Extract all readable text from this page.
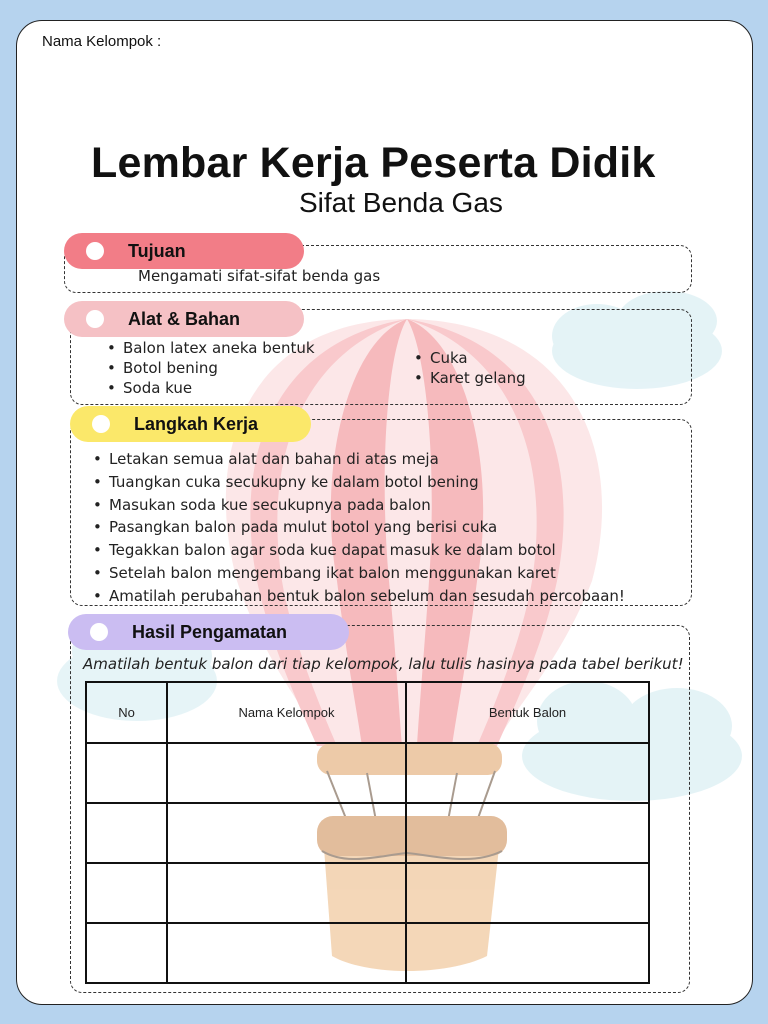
Nama Kelompok :
Lembar Kerja Peserta Didik
Sifat Benda Gas
Tujuan
Mengamati sifat-sifat benda gas
Alat & Bahan
• Balon latex aneka bentuk
• Botol bening
• Soda kue
• Cuka
• Karet gelang
Langkah Kerja
• Letakan semua alat dan bahan di atas meja
• Tuangkan cuka secukupny ke dalam botol bening
• Masukan soda kue secukupnya pada balon
• Pasangkan balon pada mulut botol yang berisi cuka
• Tegakkan balon agar soda kue dapat masuk ke dalam botol
• Setelah balon mengembang ikat balon menggunakan karet
• Amatilah perubahan bentuk balon sebelum dan sesudah percobaan!
Hasil Pengamatan
Amatilah bentuk balon dari tiap kelompok, lalu tulis hasinya pada tabel berikut!
No	Nama Kelompok	Bentuk Balon
